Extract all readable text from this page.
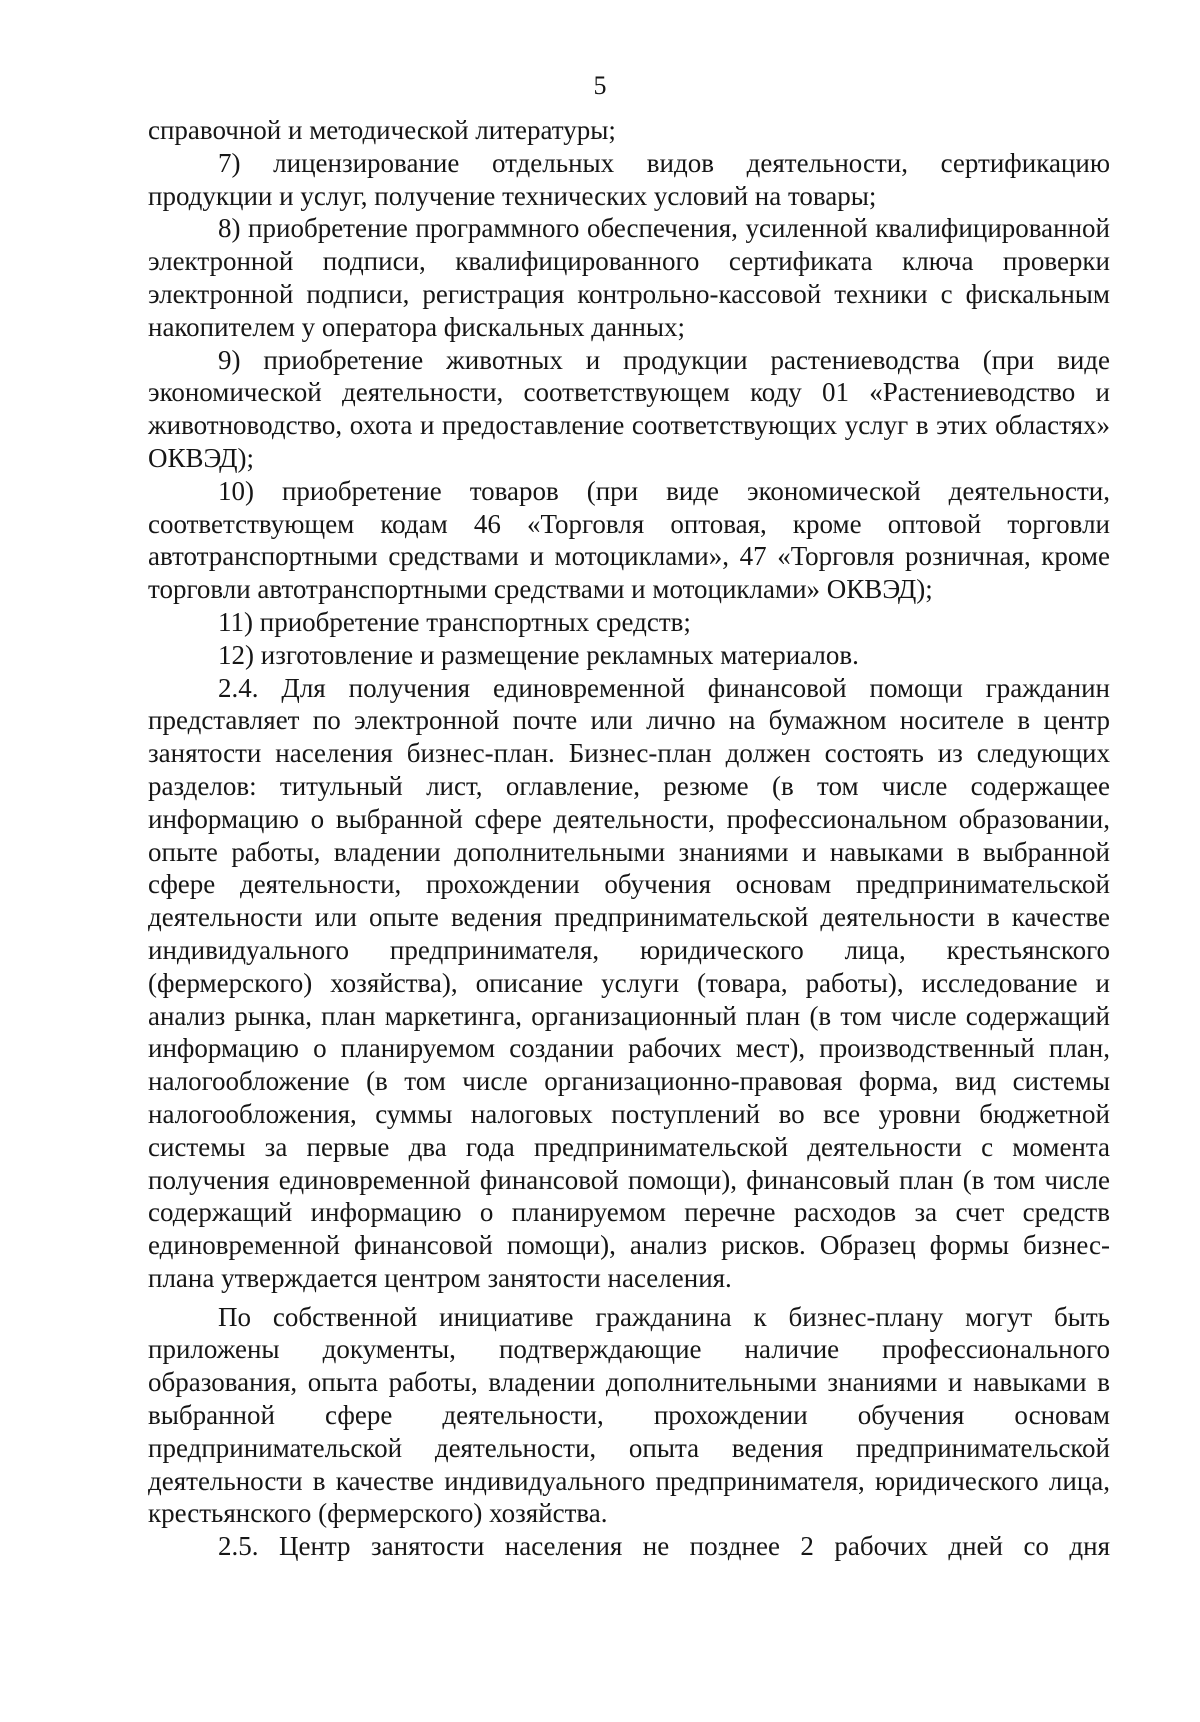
5

справочной и методической литературы;

7) лицензирование отдельных видов деятельности, сертификацию продукции и услуг, получение технических условий на товары;

8) приобретение программного обеспечения, усиленной квалифицированной электронной подписи, квалифицированного сертификата ключа проверки электронной подписи, регистрация контрольно-кассовой техники с фискальным накопителем у оператора фискальных данных;

9) приобретение животных и продукции растениеводства (при виде экономической деятельности, соответствующем коду 01 «Растениеводство и животноводство, охота и предоставление соответствующих услуг в этих областях» ОКВЭД);

10) приобретение товаров (при виде экономической деятельности, соответствующем кодам 46 «Торговля оптовая, кроме оптовой торговли автотранспортными средствами и мотоциклами», 47 «Торговля розничная, кроме торговли автотранспортными средствами и мотоциклами» ОКВЭД);

11) приобретение транспортных средств;

12) изготовление и размещение рекламных материалов.

2.4. Для получения единовременной финансовой помощи гражданин представляет по электронной почте или лично на бумажном носителе в центр занятости населения бизнес-план. Бизнес-план должен состоять из следующих разделов: титульный лист, оглавление, резюме (в том числе содержащее информацию о выбранной сфере деятельности, профессиональном образовании, опыте работы, владении дополнительными знаниями и навыками в выбранной сфере деятельности, прохождении обучения основам предпринимательской деятельности или опыте ведения предпринимательской деятельности в качестве индивидуального предпринимателя, юридического лица, крестьянского (фермерского) хозяйства), описание услуги (товара, работы), исследование и анализ рынка, план маркетинга, организационный план (в том числе содержащий информацию о планируемом создании рабочих мест), производственный план, налогообложение (в том числе организационно-правовая форма, вид системы налогообложения, суммы налоговых поступлений во все уровни бюджетной системы за первые два года предпринимательской деятельности с момента получения единовременной финансовой помощи), финансовый план (в том числе содержащий информацию о планируемом перечне расходов за счет средств единовременной финансовой помощи), анализ рисков. Образец формы бизнес-плана утверждается центром занятости населения.

По собственной инициативе гражданина к бизнес-плану могут быть приложены документы, подтверждающие наличие профессионального образования, опыта работы, владении дополнительными знаниями и навыками в выбранной сфере деятельности, прохождении обучения основам предпринимательской деятельности, опыта ведения предпринимательской деятельности в качестве индивидуального предпринимателя, юридического лица, крестьянского (фермерского) хозяйства.

2.5. Центр занятости населения не позднее 2 рабочих дней со дня
